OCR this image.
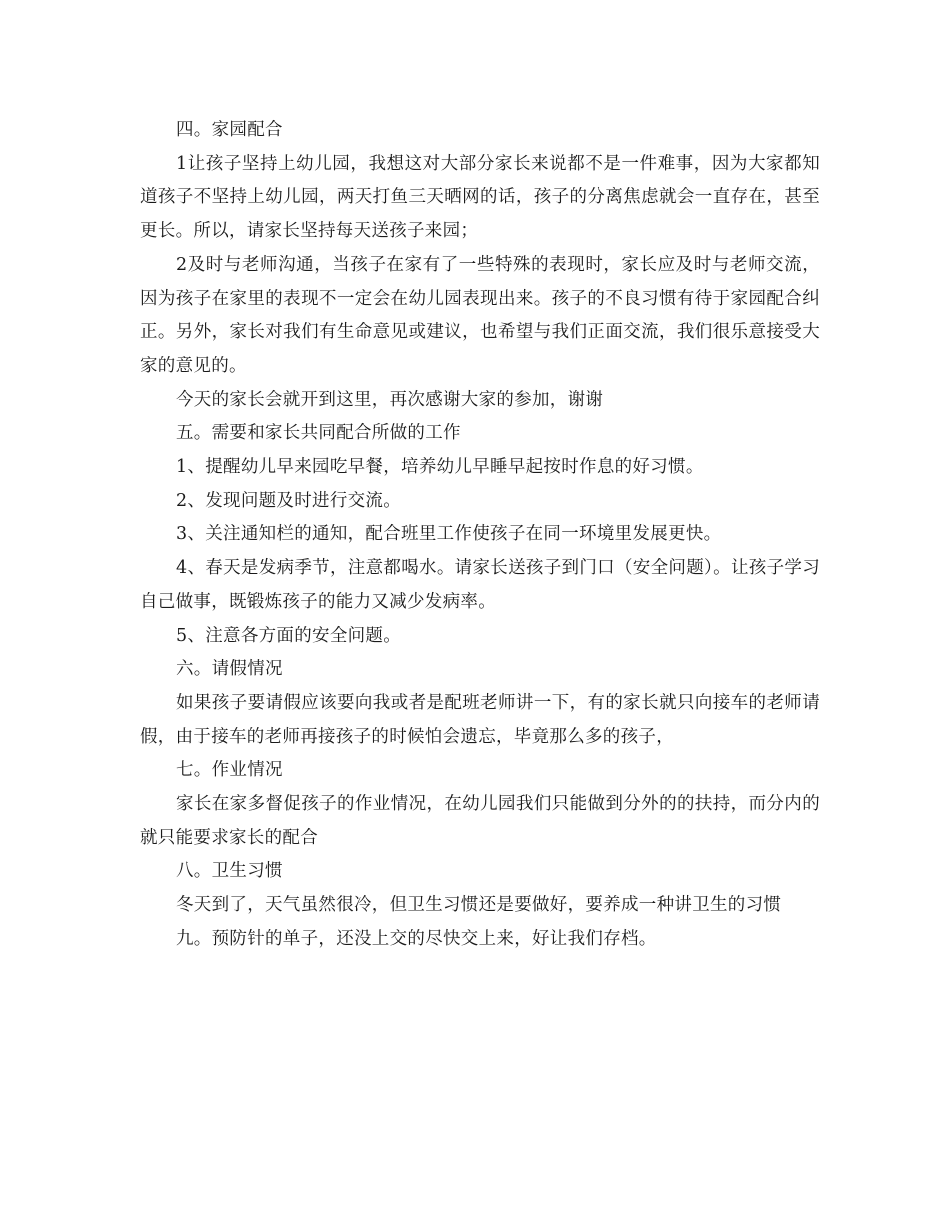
四。家园配合

1让孩子坚持上幼儿园，我想这对大部分家长来说都不是一件难事，因为大家都知道孩子不坚持上幼儿园，两天打鱼三天晒网的话，孩子的分离焦虑就会一直存在，甚至更长。所以，请家长坚持每天送孩子来园；

2及时与老师沟通，当孩子在家有了一些特殊的表现时，家长应及时与老师交流，因为孩子在家里的表现不一定会在幼儿园表现出来。孩子的不良习惯有待于家园配合纠正。另外，家长对我们有生命意见或建议，也希望与我们正面交流，我们很乐意接受大家的意见的。

今天的家长会就开到这里，再次感谢大家的参加，谢谢

五。需要和家长共同配合所做的工作

1、提醒幼儿早来园吃早餐，培养幼儿早睡早起按时作息的好习惯。

2、发现问题及时进行交流。

3、关注通知栏的通知，配合班里工作使孩子在同一环境里发展更快。

4、春天是发病季节，注意都喝水。请家长送孩子到门口（安全问题）。让孩子学习自己做事，既锻炼孩子的能力又减少发病率。

5、注意各方面的安全问题。

六。请假情况

如果孩子要请假应该要向我或者是配班老师讲一下，有的家长就只向接车的老师请假，由于接车的老师再接孩子的时候怕会遗忘，毕竟那么多的孩子，

七。作业情况

家长在家多督促孩子的作业情况，在幼儿园我们只能做到分外的的扶持，而分内的就只能要求家长的配合

八。卫生习惯

冬天到了，天气虽然很冷，但卫生习惯还是要做好，要养成一种讲卫生的习惯

九。预防针的单子，还没上交的尽快交上来，好让我们存档。
